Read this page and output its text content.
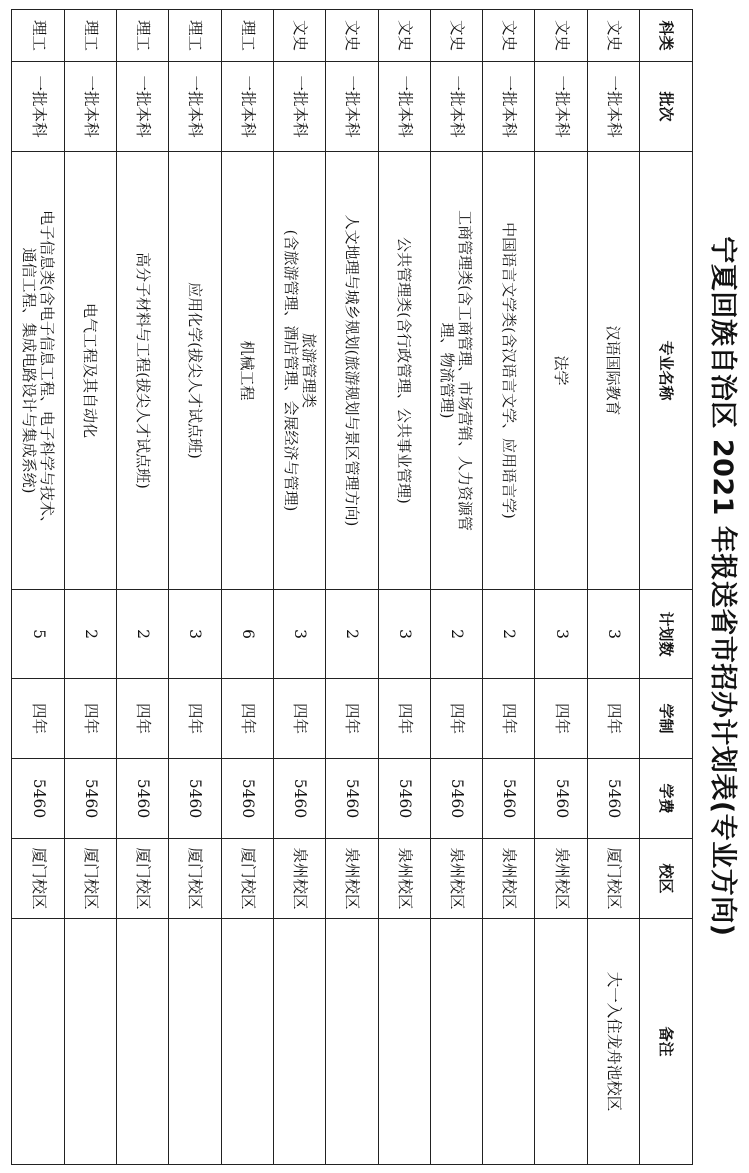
宁夏回族自治区 2021 年报送省市招办计划表(专业方向)
科类	批次	专业名称	计划数	学制	学费	校区	备注
文史	一批本科	汉语国际教育	3	四年	5460	厦门校区	大一入住龙舟池校区
文史	一批本科	法学	3	四年	5460	泉州校区	
文史	一批本科	中国语言文学类(含汉语言文学、应用语言学)	2	四年	5460	泉州校区	
文史	一批本科	工商管理类(含工商管理、市场营销、人力资源管
理、物流管理)	2	四年	5460	泉州校区	
文史	一批本科	公共管理类(含行政管理、公共事业管理)	3	四年	5460	泉州校区	
文史	一批本科	人文地理与城乡规划(旅游规划与景区管理方向)	2	四年	5460	泉州校区	
文史	一批本科	旅游管理类
(含旅游管理、酒店管理、会展经济与管理)	3	四年	5460	泉州校区	
理工	一批本科	机械工程	6	四年	5460	厦门校区	
理工	一批本科	应用化学(拔尖人才试点班)	3	四年	5460	厦门校区	
理工	一批本科	高分子材料与工程(拔尖人才试点班)	2	四年	5460	厦门校区	
理工	一批本科	电气工程及其自动化	2	四年	5460	厦门校区	
理工	一批本科	电子信息类(含电子信息工程、电子科学与技术、
通信工程、集成电路设计与集成系统)	5	四年	5460	厦门校区	
